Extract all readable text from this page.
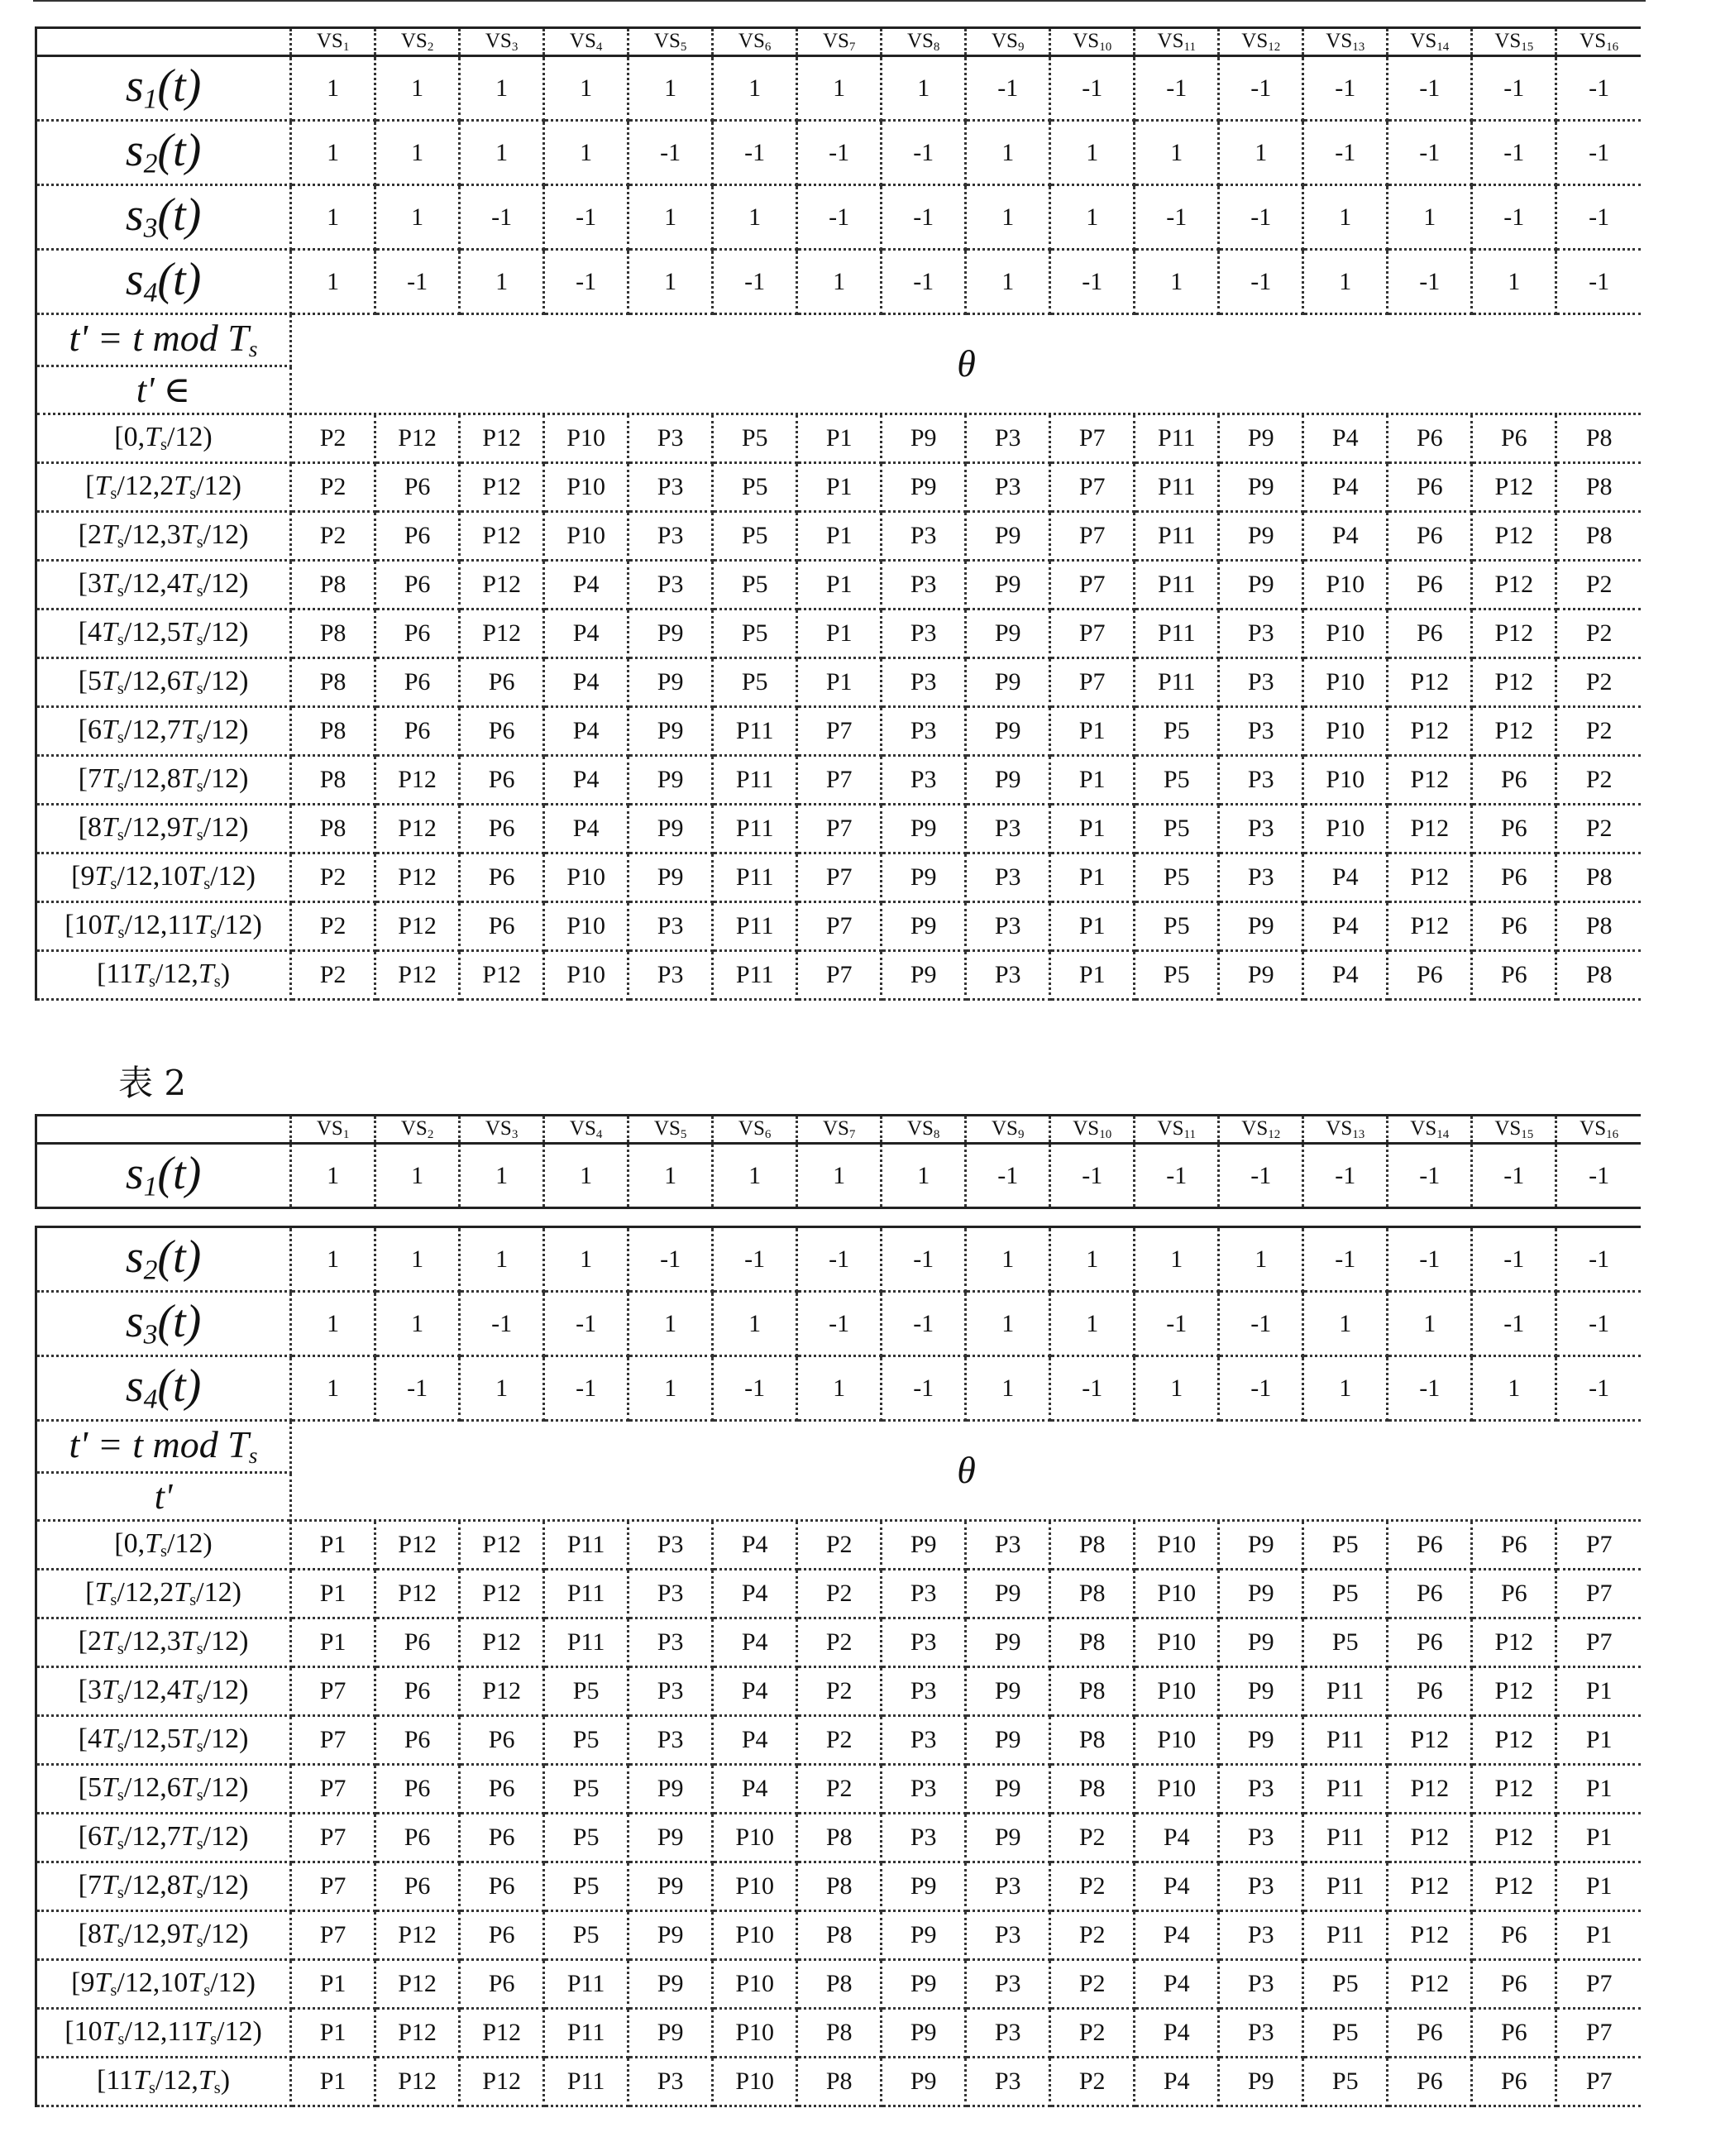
	$VS_1$	$VS_2$	$VS_3$	$VS_4$	$VS_5$	$VS_6$	$VS_7$	$VS_8$	$VS_9$	$VS_{10}$	$VS_{11}$	$VS_{12}$	$VS_{13}$	$VS_{14}$	$VS_{15}$	$VS_{16}$
$s_1(t)$	1	1	1	1	1	1	1	1	-1	-1	-1	-1	-1	-1	-1	-1
$s_2(t)$	1	1	1	1	-1	-1	-1	-1	1	1	1	1	-1	-1	-1	-1
$s_3(t)$	1	1	-1	-1	1	1	-1	-1	1	1	-1	-1	1	1	-1	-1
$s_4(t)$	1	-1	1	-1	1	-1	1	-1	1	-1	1	-1	1	-1	1	-1
t' = t mod $T_s$	θ															
t' ∈																
$[0,T_s/12)$	P2	P12	P12	P10	P3	P5	P1	P9	P3	P7	P11	P9	P4	P6	P6	P8
$[T_s/12,2T_s/12)$	P2	P6	P12	P10	P3	P5	P1	P9	P3	P7	P11	P9	P4	P6	P12	P8
$[2T_s/12,3T_s/12)$	P2	P6	P12	P10	P3	P5	P1	P3	P9	P7	P11	P9	P4	P6	P12	P8
$[3T_s/12,4T_s/12)$	P8	P6	P12	P4	P3	P5	P1	P3	P9	P7	P11	P9	P10	P6	P12	P2
$[4T_s/12,5T_s/12)$	P8	P6	P12	P4	P9	P5	P1	P3	P9	P7	P11	P3	P10	P6	P12	P2
$[5T_s/12,6T_s/12)$	P8	P6	P6	P4	P9	P5	P1	P3	P9	P7	P11	P3	P10	P12	P12	P2
$[6T_s/12,7T_s/12)$	P8	P6	P6	P4	P9	P11	P7	P3	P9	P1	P5	P3	P10	P12	P12	P2
$[7T_s/12,8T_s/12)$	P8	P12	P6	P4	P9	P11	P7	P3	P9	P1	P5	P3	P10	P12	P6	P2
$[8T_s/12,9T_s/12)$	P8	P12	P6	P4	P9	P11	P7	P9	P3	P1	P5	P3	P10	P12	P6	P2
$[9T_s/12,10T_s/12)$	P2	P12	P6	P10	P9	P11	P7	P9	P3	P1	P5	P3	P4	P12	P6	P8
$[10T_s/12,11T_s/12)$	P2	P12	P6	P10	P3	P11	P7	P9	P3	P1	P5	P9	P4	P12	P6	P8
$[11T_s/12,T_s)$	P2	P12	P12	P10	P3	P11	P7	P9	P3	P1	P5	P9	P4	P6	P6	P8
表 2
	$VS_1$	$VS_2$	$VS_3$	$VS_4$	$VS_5$	$VS_6$	$VS_7$	$VS_8$	$VS_9$	$VS_{10}$	$VS_{11}$	$VS_{12}$	$VS_{13}$	$VS_{14}$	$VS_{15}$	$VS_{16}$
$s_1(t)$	1	1	1	1	1	1	1	1	-1	-1	-1	-1	-1	-1	-1	-1

$s_2(t)$	1	1	1	1	-1	-1	-1	-1	1	1	1	1	-1	-1	-1	-1
$s_3(t)$	1	1	-1	-1	1	1	-1	-1	1	1	-1	-1	1	1	-1	-1
$s_4(t)$	1	-1	1	-1	1	-1	1	-1	1	-1	1	-1	1	-1	1	-1
t' = t mod $T_s$	θ															
t'																
$[0,T_s/12)$	P1	P12	P12	P11	P3	P4	P2	P9	P3	P8	P10	P9	P5	P6	P6	P7
$[T_s/12,2T_s/12)$	P1	P12	P12	P11	P3	P4	P2	P3	P9	P8	P10	P9	P5	P6	P6	P7
$[2T_s/12,3T_s/12)$	P1	P6	P12	P11	P3	P4	P2	P3	P9	P8	P10	P9	P5	P6	P12	P7
$[3T_s/12,4T_s/12)$	P7	P6	P12	P5	P3	P4	P2	P3	P9	P8	P10	P9	P11	P6	P12	P1
$[4T_s/12,5T_s/12)$	P7	P6	P6	P5	P3	P4	P2	P3	P9	P8	P10	P9	P11	P12	P12	P1
$[5T_s/12,6T_s/12)$	P7	P6	P6	P5	P9	P4	P2	P3	P9	P8	P10	P3	P11	P12	P12	P1
$[6T_s/12,7T_s/12)$	P7	P6	P6	P5	P9	P10	P8	P3	P9	P2	P4	P3	P11	P12	P12	P1
$[7T_s/12,8T_s/12)$	P7	P6	P6	P5	P9	P10	P8	P9	P3	P2	P4	P3	P11	P12	P12	P1
$[8T_s/12,9T_s/12)$	P7	P12	P6	P5	P9	P10	P8	P9	P3	P2	P4	P3	P11	P12	P6	P1
$[9T_s/12,10T_s/12)$	P1	P12	P6	P11	P9	P10	P8	P9	P3	P2	P4	P3	P5	P12	P6	P7
$[10T_s/12,11T_s/12)$	P1	P12	P12	P11	P9	P10	P8	P9	P3	P2	P4	P3	P5	P6	P6	P7
$[11T_s/12,T_s)$	P1	P12	P12	P11	P3	P10	P8	P9	P3	P2	P4	P9	P5	P6	P6	P7
